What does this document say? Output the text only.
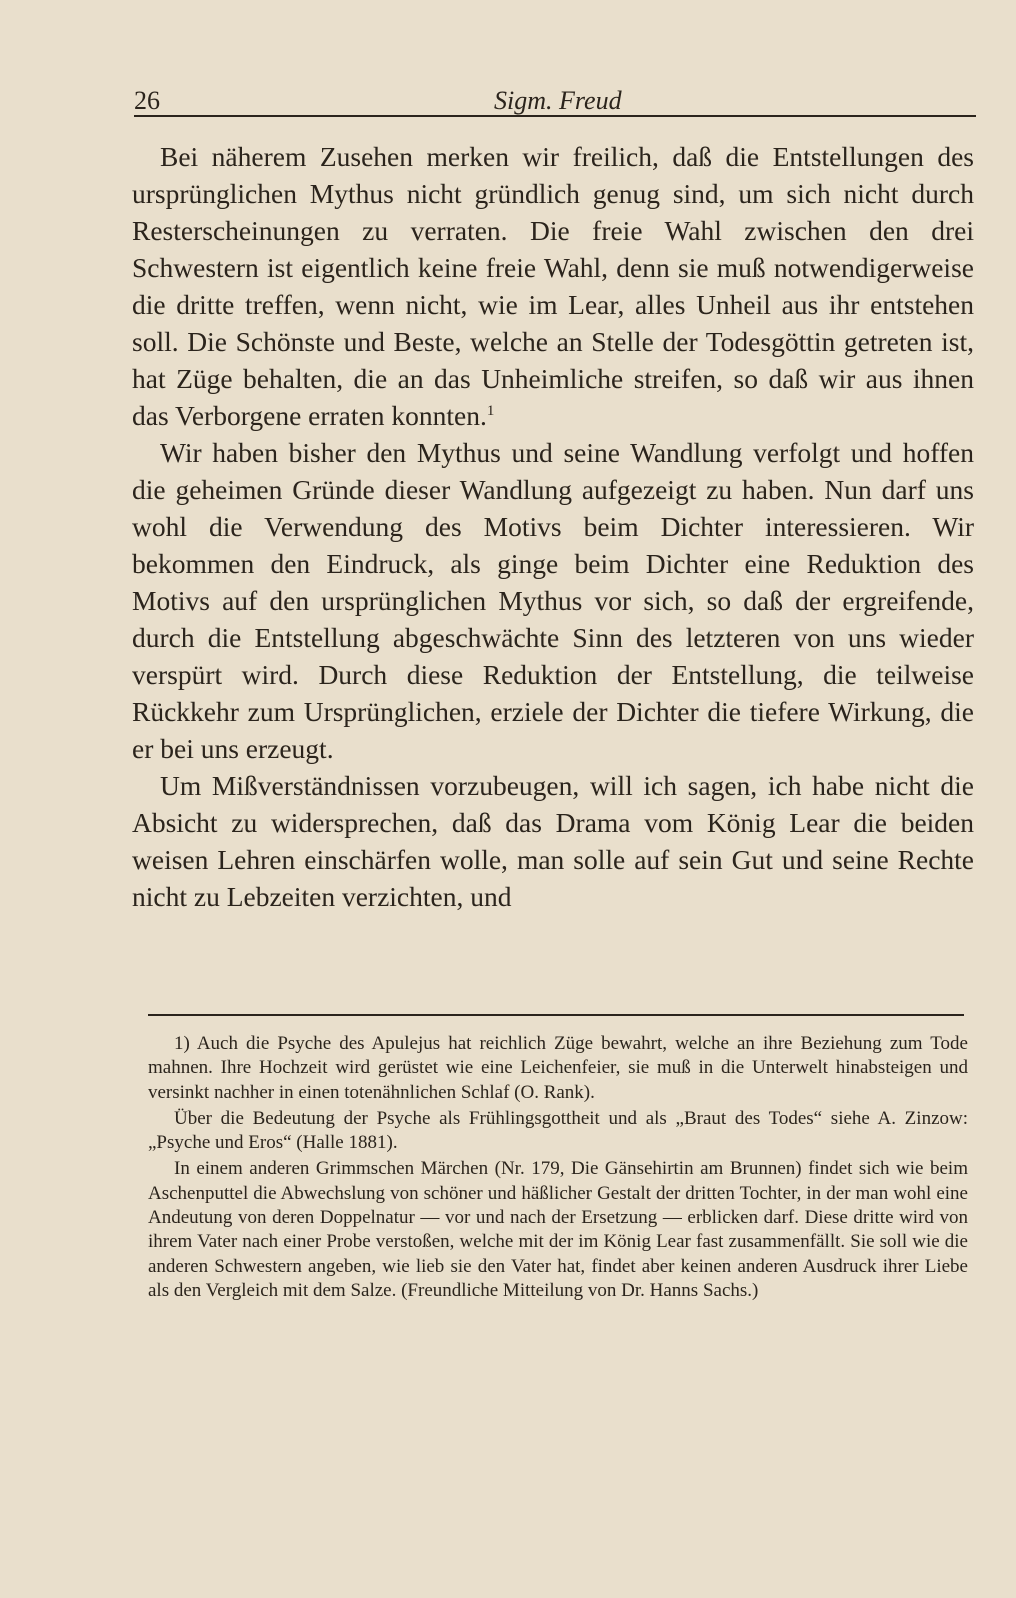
26	Sigm. Freud

Bei näherem Zusehen merken wir freilich, daß die Entstellungen des ursprünglichen Mythus nicht gründlich genug sind, um sich nicht durch Resterscheinungen zu verraten. Die freie Wahl zwischen den drei Schwestern ist eigentlich keine freie Wahl, denn sie muß notwendigerweise die dritte treffen, wenn nicht, wie im Lear, alles Unheil aus ihr entstehen soll. Die Schönste und Beste, welche an Stelle der Todesgöttin getreten ist, hat Züge behalten, die an das Unheimliche streifen, so daß wir aus ihnen das Verborgene erraten konnten.$^1$

Wir haben bisher den Mythus und seine Wandlung verfolgt und hoffen die geheimen Gründe dieser Wandlung aufgezeigt zu haben. Nun darf uns wohl die Verwendung des Motivs beim Dichter interessieren. Wir bekommen den Eindruck, als ginge beim Dichter eine Reduktion des Motivs auf den ursprünglichen Mythus vor sich, so daß der ergreifende, durch die Entstellung abgeschwächte Sinn des letzteren von uns wieder verspürt wird. Durch diese Reduktion der Entstellung, die teilweise Rückkehr zum Ursprünglichen, erziele der Dichter die tiefere Wirkung, die er bei uns erzeugt.

Um Mißverständnissen vorzubeugen, will ich sagen, ich habe nicht die Absicht zu widersprechen, daß das Drama vom König Lear die beiden weisen Lehren einschärfen wolle, man solle auf sein Gut und seine Rechte nicht zu Lebzeiten verzichten, und

1) Auch die Psyche des Apulejus hat reichlich Züge bewahrt, welche an ihre Beziehung zum Tode mahnen. Ihre Hochzeit wird gerüstet wie eine Leichenfeier, sie muß in die Unterwelt hinabsteigen und versinkt nachher in einen totenähnlichen Schlaf (O. Rank).

Über die Bedeutung der Psyche als Frühlingsgottheit und als „Braut des Todes“ siehe A. Zinzow: „Psyche und Eros“ (Halle 1881).

In einem anderen Grimmschen Märchen (Nr. 179, Die Gänsehirtin am Brunnen) findet sich wie beim Aschenputtel die Abwechslung von schöner und häßlicher Gestalt der dritten Tochter, in der man wohl eine Andeutung von deren Doppelnatur — vor und nach der Ersetzung — erblicken darf. Diese dritte wird von ihrem Vater nach einer Probe verstoßen, welche mit der im König Lear fast zusammenfällt. Sie soll wie die anderen Schwestern angeben, wie lieb sie den Vater hat, findet aber keinen anderen Ausdruck ihrer Liebe als den Vergleich mit dem Salze. (Freundliche Mitteilung von Dr. Hanns Sachs.)
